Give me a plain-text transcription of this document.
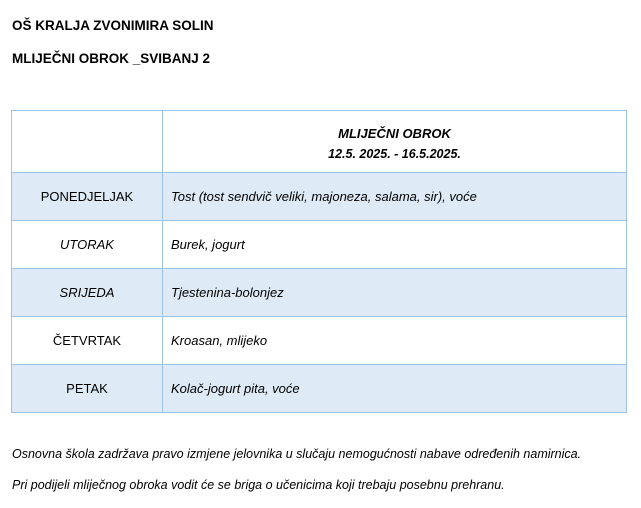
OŠ KRALJA ZVONIMIRA SOLIN
MLIJEČNI OBROK _SVIBANJ 2

	MLIJEČNI OBROK
12.5. 2025. - 16.5.2025.

PONEDJELJAK	Tost (tost sendvič veliki, majoneza, salama, sir), voće
UTORAK	Burek, jogurt
SRIJEDA	Tjestenina-bolonjez
ČETVRTAK	Kroasan, mlijeko
PETAK	Kolač-jogurt pita, voće
Osnovna škola zadržava pravo izmjene jelovnika u slučaju nemogućnosti nabave određenih namirnica.
Pri podijeli mliječnog obroka vodit će se briga o učenicima koji trebaju posebnu prehranu.
